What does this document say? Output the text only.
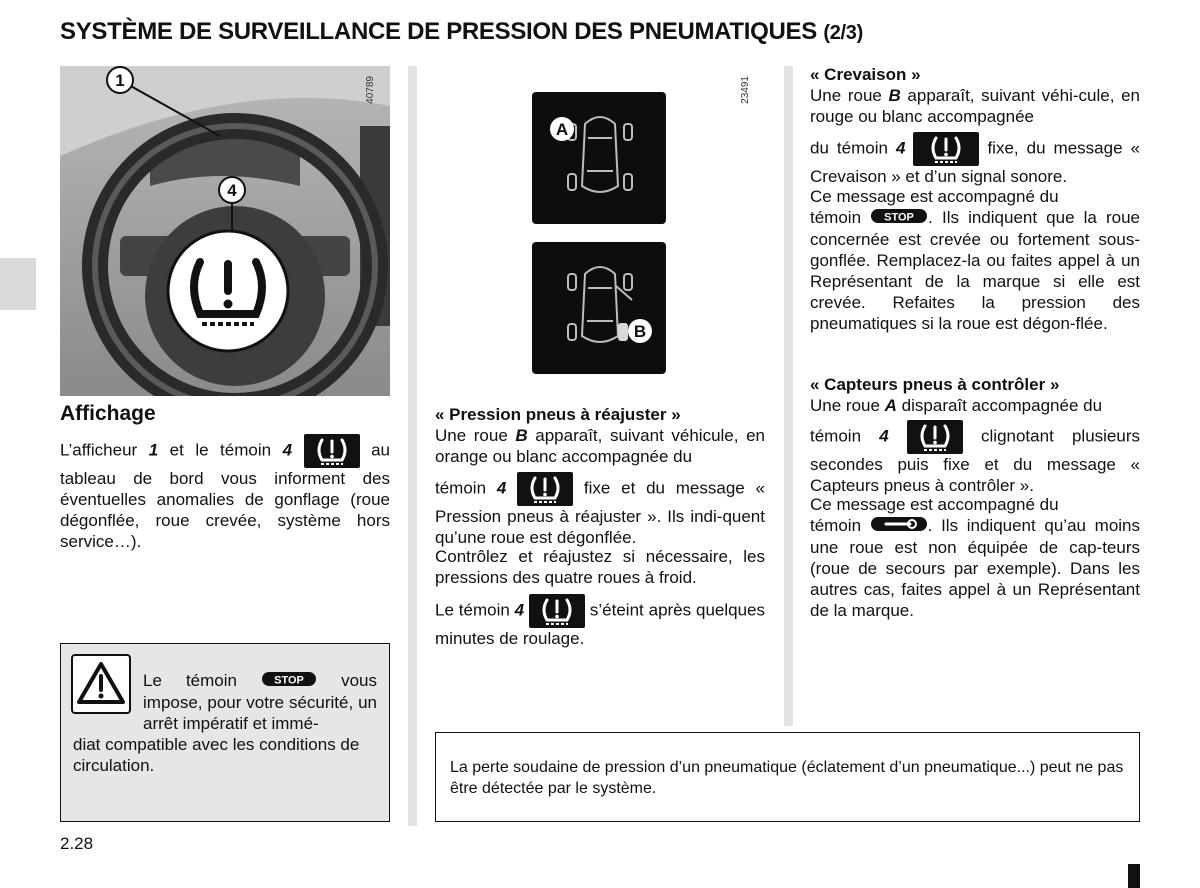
SYSTÈME DE SURVEILLANCE DE PRESSION DES PNEUMATIQUES (2/3)
1
4
40789	23491
A
B
Affichage

L’afficheur 1 et le témoin 4	au tableau de bord vous informent des éventuelles anomalies de gonflage (roue dégonflée, roue crevée, système hors service…).

Le témoin STOP vous impose, pour votre sécurité, un arrêt impératif et immé-

diat compatible avec les conditions de circulation.

« Pression pneus à réajuster »
Une roue B apparaît, suivant véhicule, en orange ou blanc accompagnée du

témoin 4	fixe et du message « Pression pneus à réajuster ». Ils indi-quent qu’une roue est dégonflée.

Contrôlez et réajustez si nécessaire, les pressions des quatre roues à froid.

Le témoin 4	s’éteint après quelques minutes de roulage.

« Crevaison »
Une roue B apparaît, suivant véhi-cule, en rouge ou blanc accompagnée

du témoin 4	fixe, du message « Crevaison » et d’un signal sonore.

Ce message est accompagné du
témoin STOP . Ils indiquent que la roue concernée est crevée ou fortement sous-gonflée. Remplacez-la ou faites appel à un Représentant de la marque si elle est crevée. Refaites la pression des pneumatiques si la roue est dégon-flée.

« Capteurs pneus à contrôler »
Une roue A disparaît accompagnée du

témoin 4	clignotant plusieurs secondes puis fixe et du message « Capteurs pneus à contrôler ».

Ce message est accompagné du
témoin	. Ils indiquent qu’au moins une roue est non équipée de cap-teurs (roue de secours par exemple). Dans les autres cas, faites appel à un Représentant de la marque.

La perte soudaine de pression d’un pneumatique (éclatement d’un pneumatique...) peut ne pas être détectée par le système.

2.28
